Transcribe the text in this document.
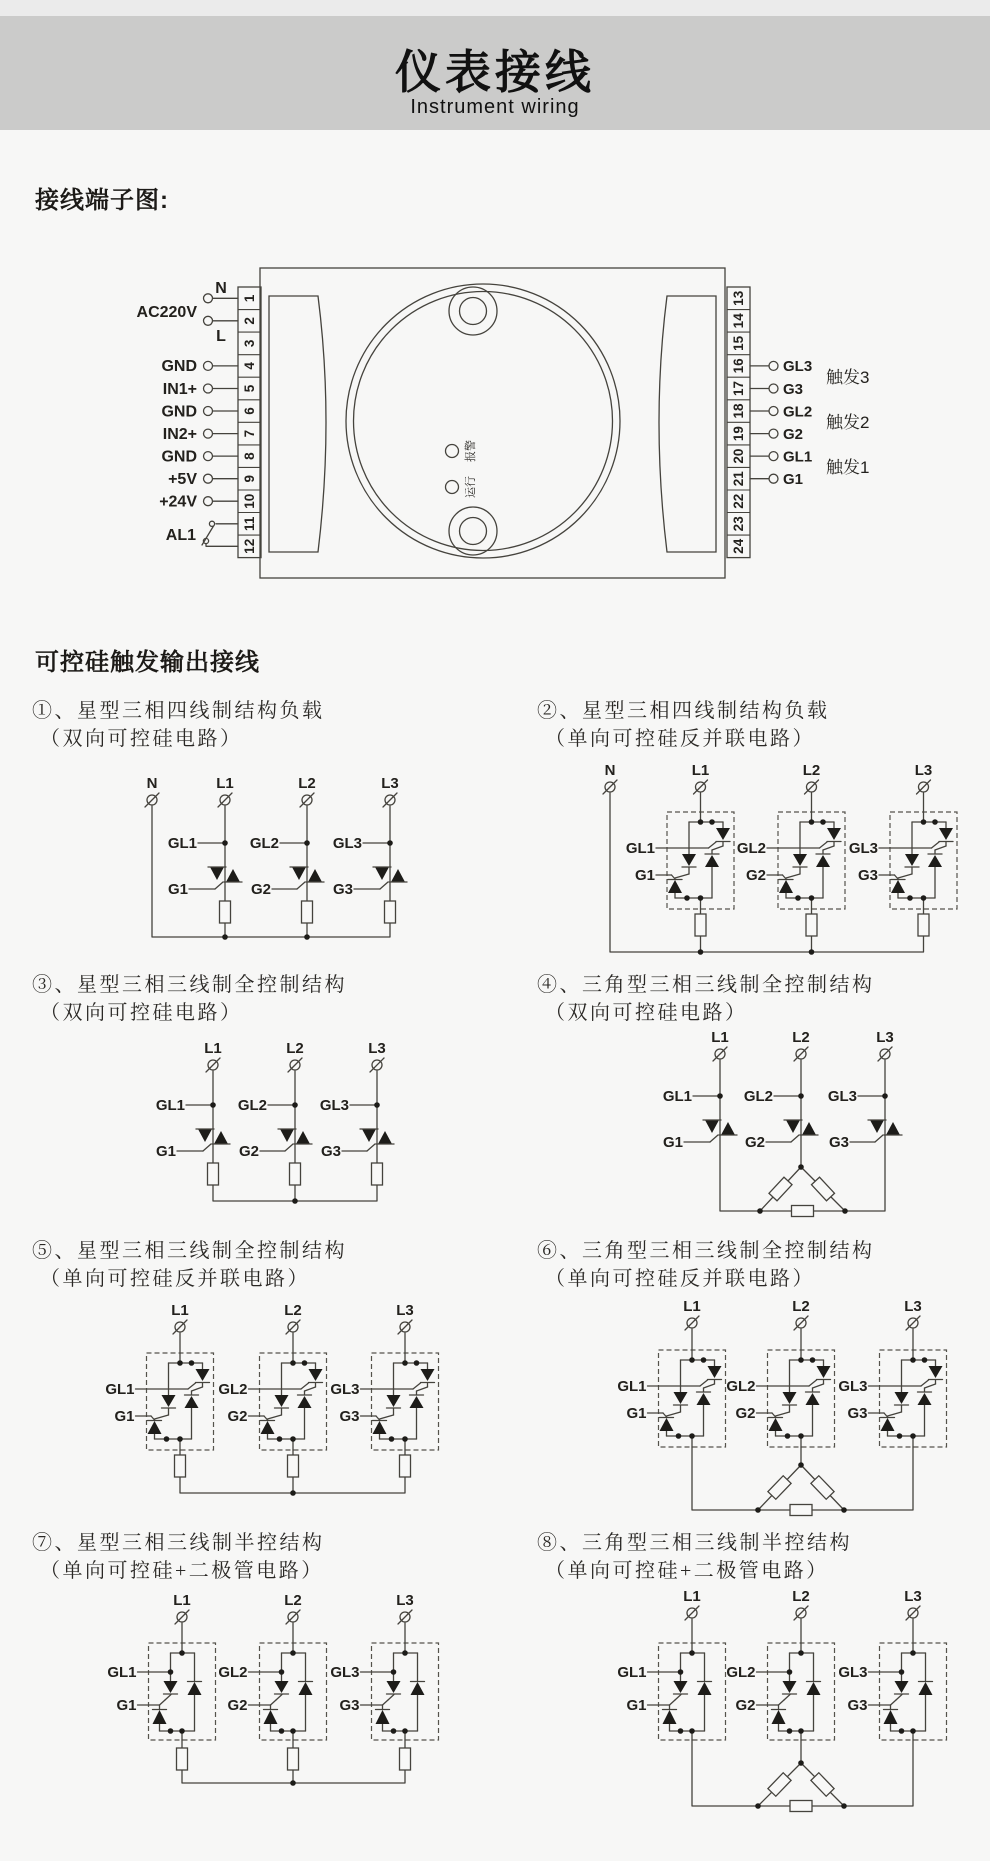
仪表接线
Instrument wiring
接线端子图:
可控硅触发输出接线
1
2
3
4
5
6
7
8
9
10
11
12
13
14
15
16
17
18
19
20
21
22
23
24
报警
运行
N
AC220V
L
GND
IN1+
GND
IN2+
GND
+5V
+24V
AL1
GL3
G3
GL2
G2
GL1
G1
触发3
触发2
触发1
①、星型三相四线制结构负载
（双向可控硅电路）
N	L1	L2	L3
GL1
G1
GL2
G2
GL3
G3
②、星型三相四线制结构负载
（单向可控硅反并联电路）
N	L1	L2	L3
GL1
G1
GL2
G2
GL3
G3
③、星型三相三线制全控制结构
（双向可控硅电路）
L1	L2	L3
GL1
G1
GL2
G2
GL3
G3
④、三角型三相三线制全控制结构
（双向可控硅电路）
L1	L2	L3
GL1
G1
GL2
G2
GL3
G3
⑤、星型三相三线制全控制结构
（单向可控硅反并联电路）
L1	L2	L3
GL1
G1
GL2
G2
GL3
G3
⑥、三角型三相三线制全控制结构
（单向可控硅反并联电路）
L1	L2	L3
GL1
G1
GL2
G2
GL3
G3
⑦、星型三相三线制半控结构
（单向可控硅+二极管电路）
L1	L2	L3
GL1
G1
GL2
G2
GL3
G3
⑧、三角型三相三线制半控结构
（单向可控硅+二极管电路）
L1	L2	L3
GL1
G1
GL2
G2
GL3
G3
